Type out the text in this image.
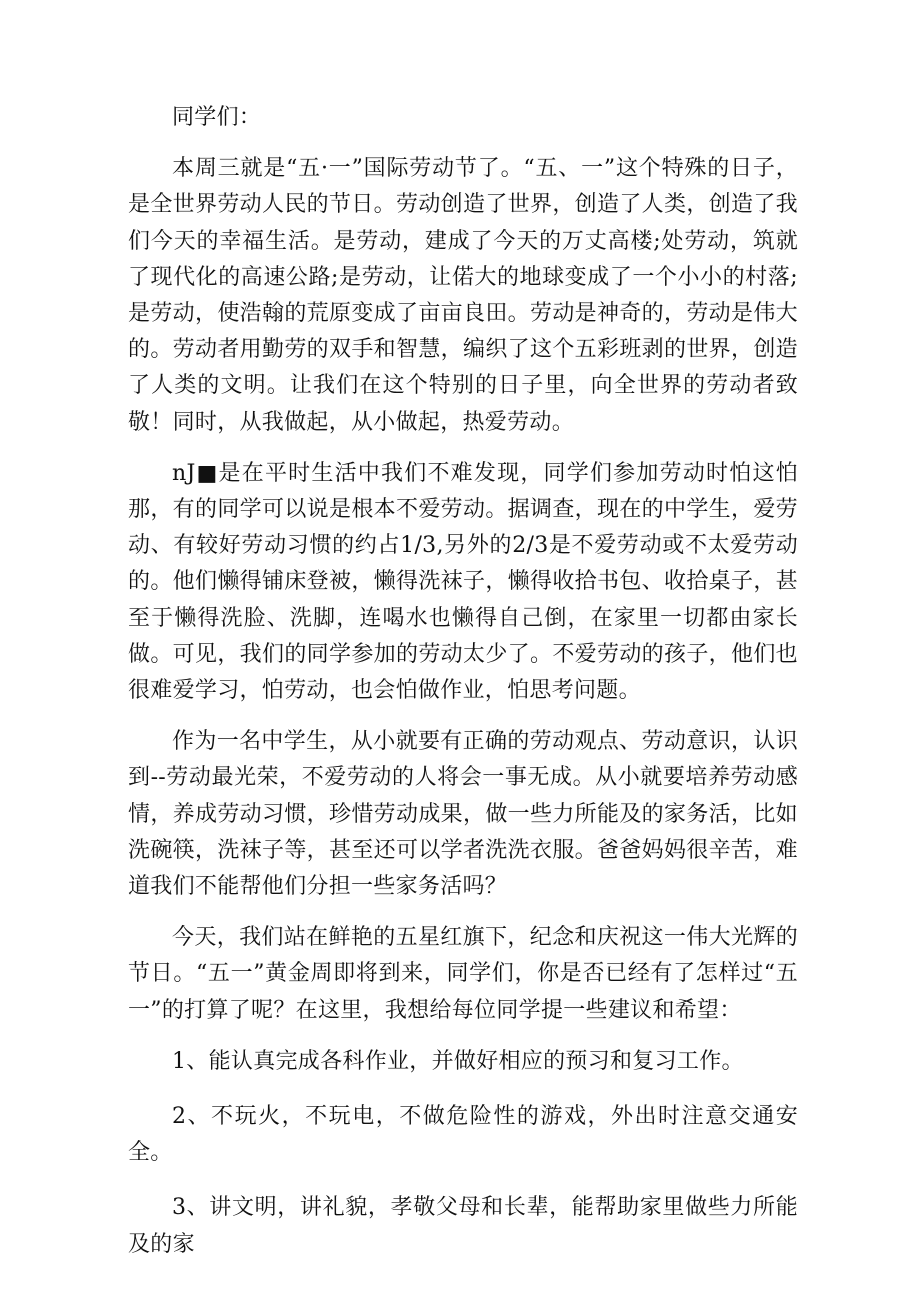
同学们：

本周三就是“五·一”国际劳动节了。“五、一”这个特殊的日子，是全世界劳动人民的节日。劳动创造了世界，创造了人类，创造了我们今天的幸福生活。是劳动，建成了今天的万丈高楼;处劳动，筑就了现代化的高速公路;是劳动，让偌大的地球变成了一个小小的村落;是劳动，使浩翰的荒原变成了亩亩良田。劳动是神奇的，劳动是伟大的。劳动者用勤劳的双手和智慧，编织了这个五彩班剥的世界，创造了人类的文明。让我们在这个特别的日子里，向全世界的劳动者致敬！同时，从我做起，从小做起，热爱劳动。

nJ■是在平时生活中我们不难发现，同学们参加劳动时怕这怕那，有的同学可以说是根本不爱劳动。据调查，现在的中学生，爱劳动、有较好劳动习惯的约占1/3,另外的2/3是不爱劳动或不太爱劳动的。他们懒得铺床登被，懒得洗袜子，懒得收拾书包、收拾桌子，甚至于懒得洗脸、洗脚，连喝水也懒得自己倒，在家里一切都由家长做。可见，我们的同学参加的劳动太少了。不爱劳动的孩子，他们也很难爱学习，怕劳动，也会怕做作业，怕思考问题。

作为一名中学生，从小就要有正确的劳动观点、劳动意识，认识到--劳动最光荣，不爱劳动的人将会一事无成。从小就要培养劳动感情，养成劳动习惯，珍惜劳动成果，做一些力所能及的家务活，比如洗碗筷，洗袜子等，甚至还可以学者洗洗衣服。爸爸妈妈很辛苦，难道我们不能帮他们分担一些家务活吗？

今天，我们站在鲜艳的五星红旗下，纪念和庆祝这一伟大光辉的节日。“五一”黄金周即将到来，同学们，你是否已经有了怎样过“五一”的打算了呢？在这里，我想给每位同学提一些建议和希望：

1、能认真完成各科作业，并做好相应的预习和复习工作。

2、不玩火，不玩电，不做危险性的游戏，外出时注意交通安全。

3、讲文明，讲礼貌，孝敬父母和长辈，能帮助家里做些力所能及的家
